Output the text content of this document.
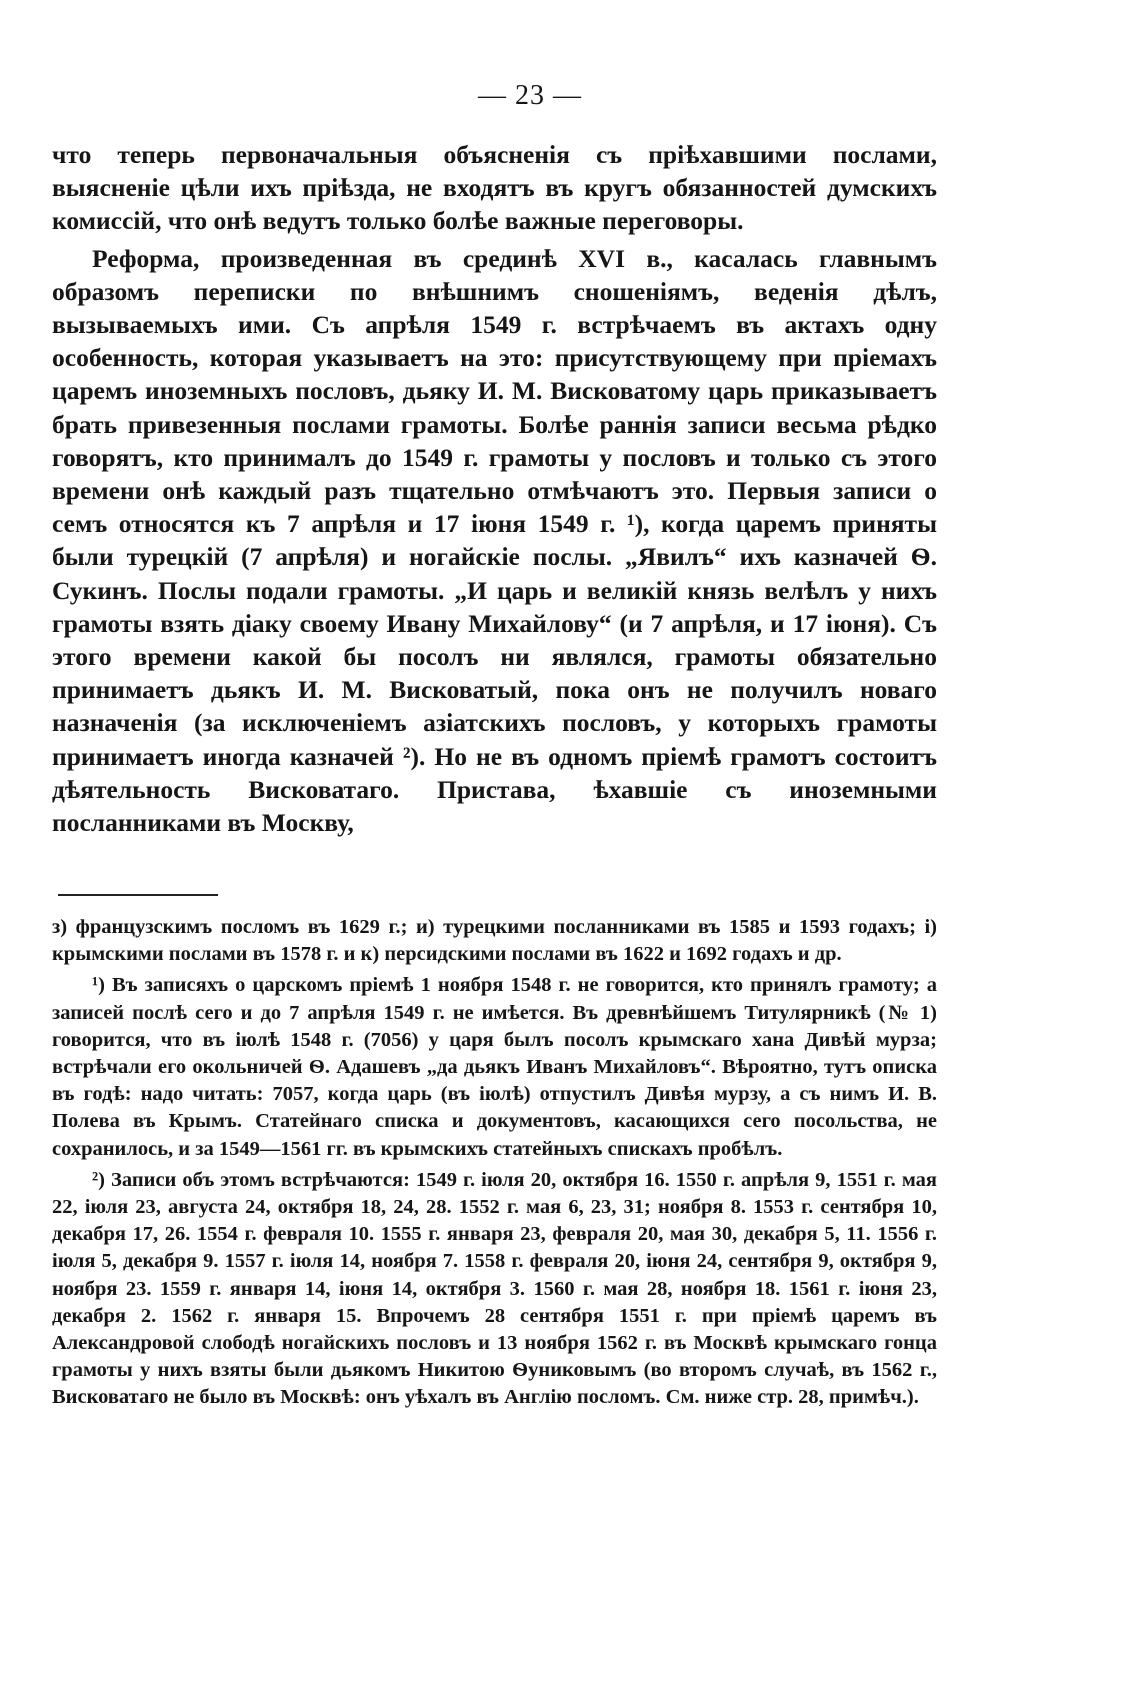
— 23 —

что теперь первоначальныя объясненія съ пріѣхавшими послами, выясненіе цѣли ихъ пріѣзда, не входятъ въ кругъ обязанностей думскихъ комиссій, что онѣ ведутъ только болѣе важные переговоры.

Реформа, произведенная въ срединѣ XVI в., касалась главнымъ образомъ переписки по внѣшнимъ сношеніямъ, веденія дѣлъ, вызываемыхъ ими. Съ апрѣля 1549 г. встрѣчаемъ въ актахъ одну особенность, которая указываетъ на это: присутствующему при пріемахъ царемъ иноземныхъ пословъ, дьяку И. М. Висковатому царь приказываетъ брать привезенныя послами грамоты. Болѣе раннія записи весьма рѣдко говорятъ, кто принималъ до 1549 г. грамоты у пословъ и только съ этого времени онѣ каждый разъ тщательно отмѣчаютъ это. Первыя записи о семъ относятся къ 7 апрѣля и 17 іюня 1549 г. ¹), когда царемъ приняты были турецкій (7 апрѣля) и ногайскіе послы. „Явилъ“ ихъ казначей Ѳ. Сукинъ. Послы подали грамоты. „И царь и великій князь велѣлъ у нихъ грамоты взять діаку своему Ивану Михайлову“ (и 7 апрѣля, и 17 іюня). Съ этого времени какой бы посолъ ни являлся, грамоты обязательно принимаетъ дьякъ И. М. Висковатый, пока онъ не получилъ новаго назначенія (за исключеніемъ азіатскихъ пословъ, у которыхъ грамоты принимаетъ иногда казначей ²). Но не въ одномъ пріемѣ грамотъ состоитъ дѣятельность Висковатаго. Пристава, ѣхавшіе съ иноземными посланниками въ Москву,

з) французскимъ посломъ въ 1629 г.; и) турецкими посланниками въ 1585 и 1593 годахъ; і) крымскими послами въ 1578 г. и к) персидскими послами въ 1622 и 1692 годахъ и др.

¹) Въ записяхъ о царскомъ пріемѣ 1 ноября 1548 г. не говорится, кто принялъ грамоту; а записей послѣ сего и до 7 апрѣля 1549 г. не имѣется. Въ древнѣйшемъ Титулярникѣ (№ 1) говорится, что въ іюлѣ 1548 г. (7056) у царя былъ посолъ крымскаго хана Дивѣй мурза; встрѣчали его окольничей Ѳ. Адашевъ „да дьякъ Иванъ Михайловъ“. Вѣроятно, тутъ описка въ годѣ: надо читать: 7057, когда царь (въ іюлѣ) отпустилъ Дивѣя мурзу, а съ нимъ И. В. Полева въ Крымъ. Статейнаго списка и документовъ, касающихся сего посольства, не сохранилось, и за 1549—1561 гг. въ крымскихъ статейныхъ спискахъ пробѣлъ.

²) Записи объ этомъ встрѣчаются: 1549 г. іюля 20, октября 16. 1550 г. апрѣля 9, 1551 г. мая 22, іюля 23, августа 24, октября 18, 24, 28. 1552 г. мая 6, 23, 31; ноября 8. 1553 г. сентября 10, декабря 17, 26. 1554 г. февраля 10. 1555 г. января 23, февраля 20, мая 30, декабря 5, 11. 1556 г. іюля 5, декабря 9. 1557 г. іюля 14, ноября 7. 1558 г. февраля 20, іюня 24, сентября 9, октября 9, ноября 23. 1559 г. января 14, іюня 14, октября 3. 1560 г. мая 28, ноября 18. 1561 г. іюня 23, декабря 2. 1562 г. января 15. Впрочемъ 28 сентября 1551 г. при пріемѣ царемъ въ Александровой слободѣ ногайскихъ пословъ и 13 ноября 1562 г. въ Москвѣ крымскаго гонца грамоты у нихъ взяты были дьякомъ Никитою Ѳуниковымъ (во второмъ случаѣ, въ 1562 г., Висковатаго не было въ Москвѣ: онъ уѣхалъ въ Англію посломъ. См. ниже стр. 28, примѣч.).
